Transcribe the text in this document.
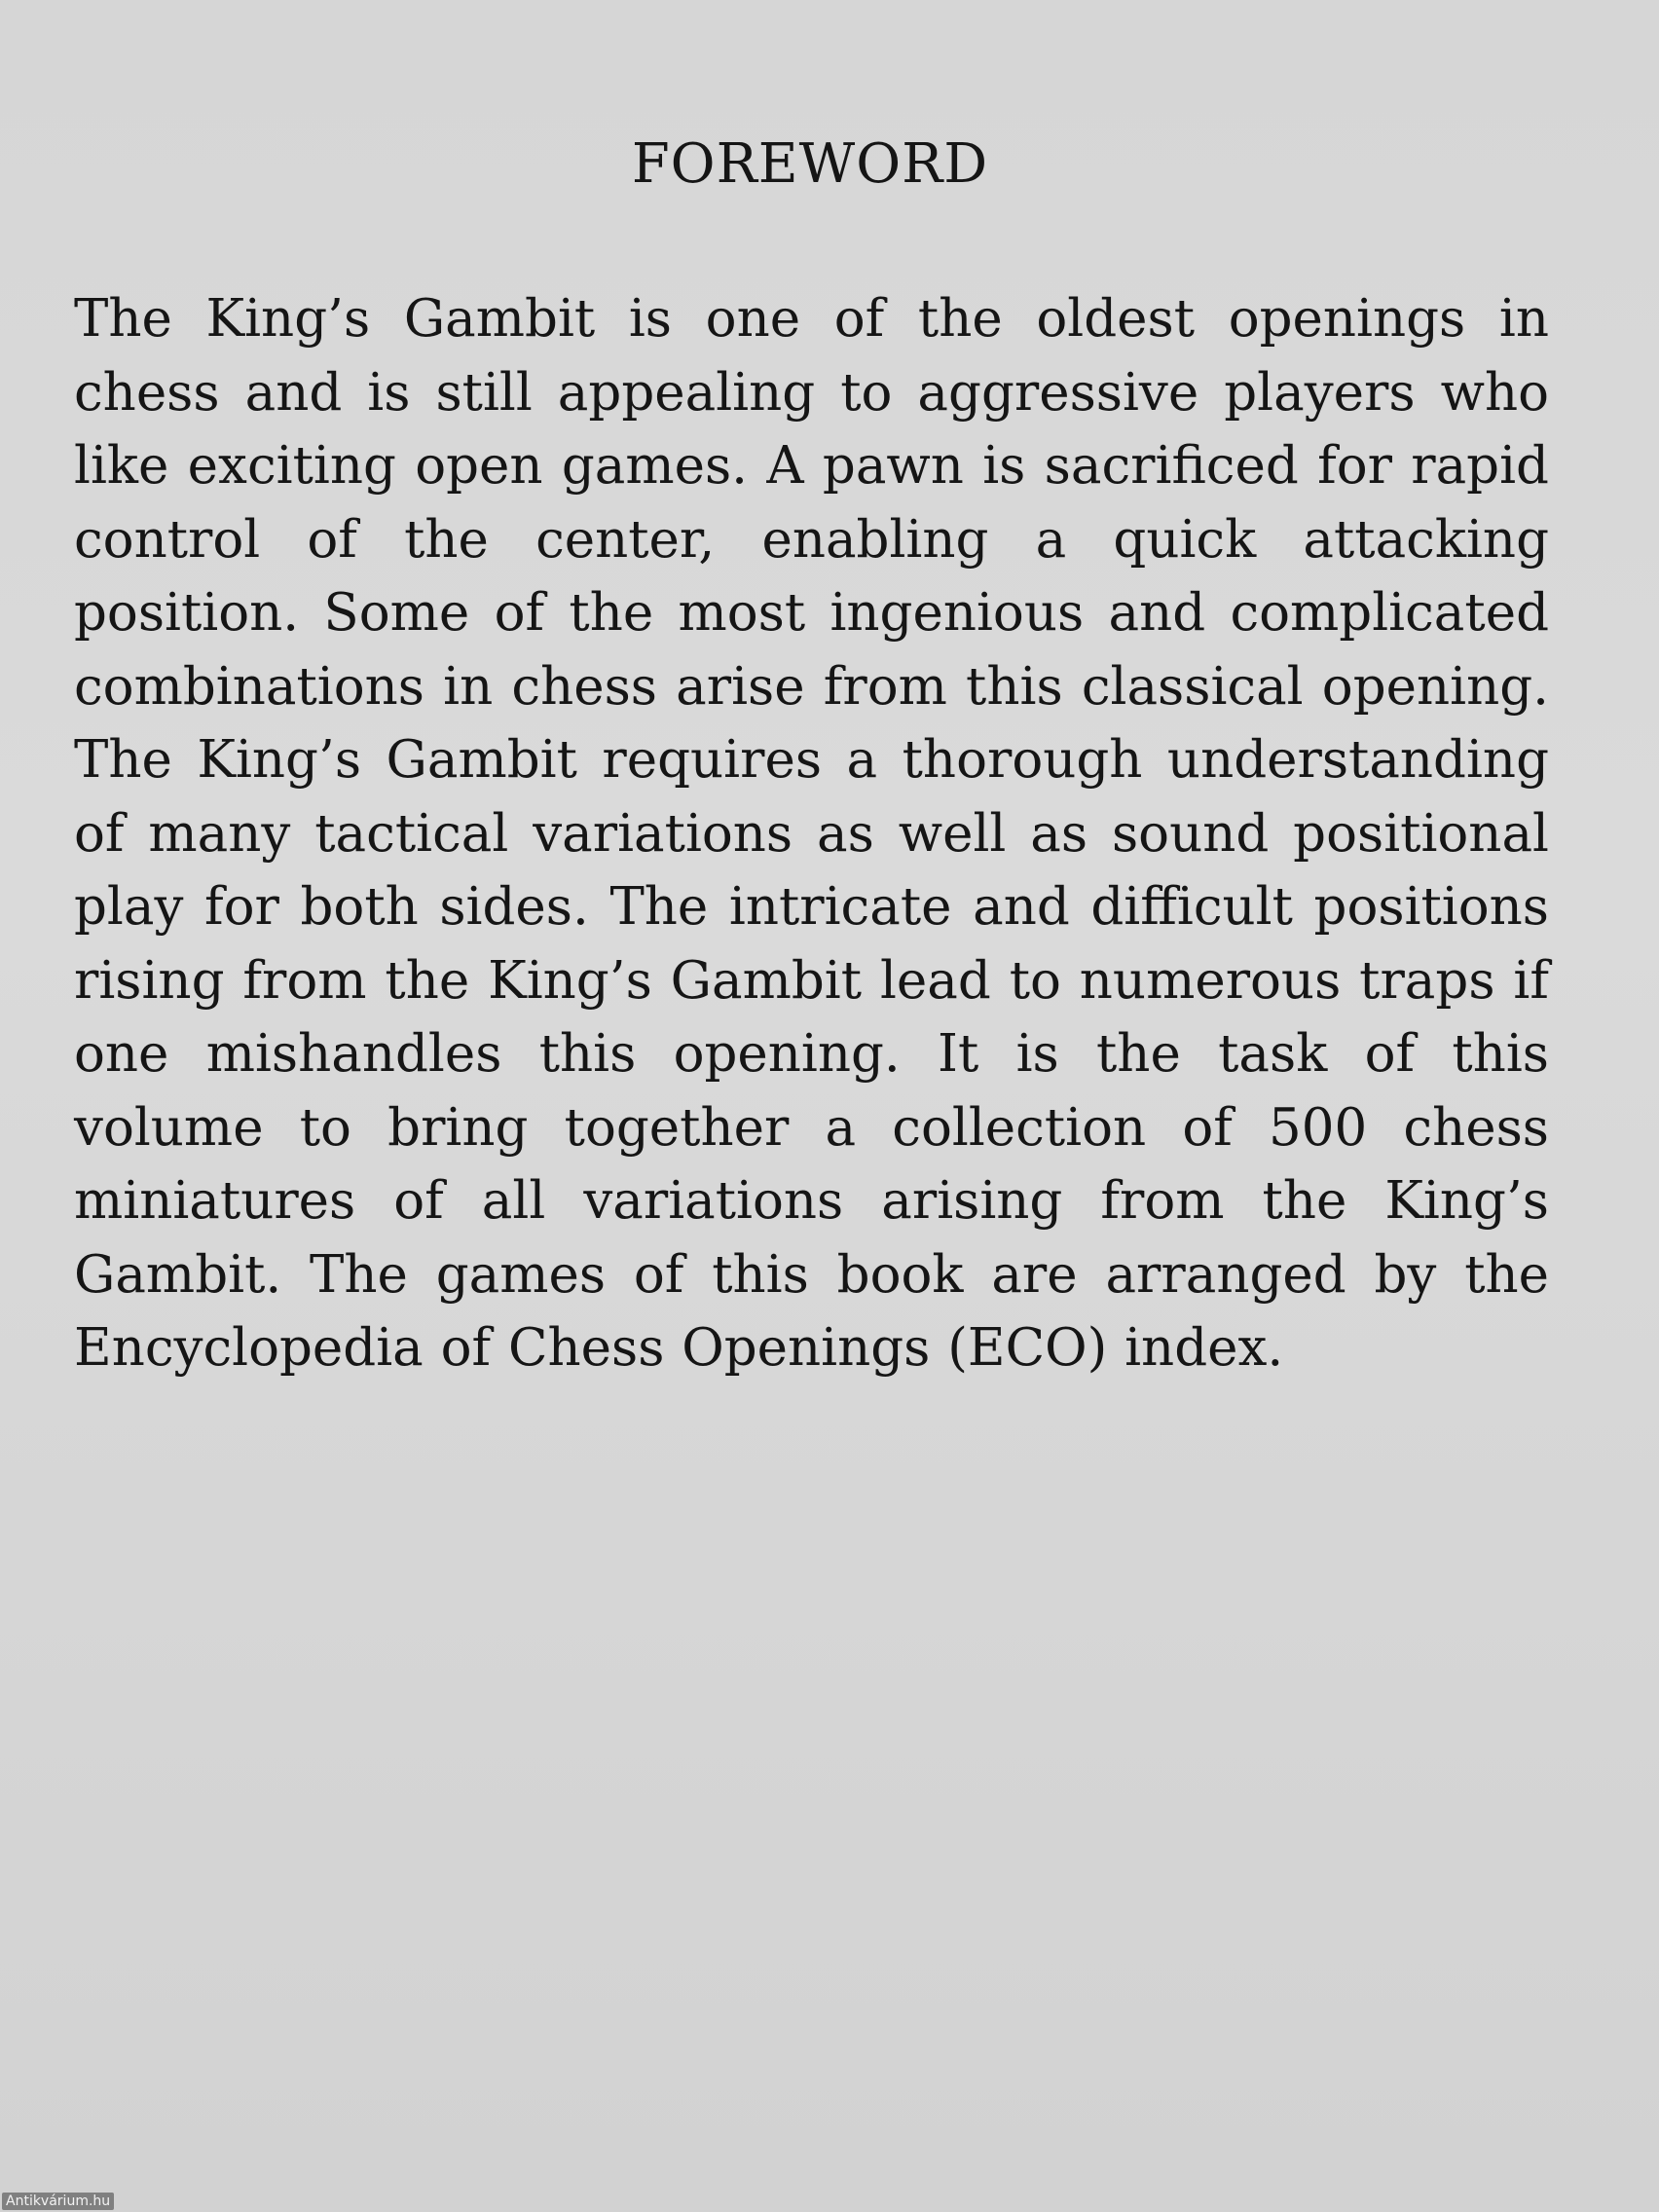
FOREWORD

The King’s Gambit is one of the oldest openings in chess and is still appealing to aggressive players who like exciting open games. A pawn is sacrificed for rapid control of the center, enabling a quick attacking position. Some of the most ingenious and complicated combinations in chess arise from this classical opening. The King’s Gambit requires a thorough understanding of many tactical variations as well as sound positional play for both sides. The intricate and difficult positions rising from the King’s Gambit lead to numerous traps if one mishandles this opening. It is the task of this volume to bring together a collection of 500 chess miniatures of all variations arising from the King’s Gambit. The games of this book are arranged by the Encyclopedia of Chess Openings (ECO) index.

Antikvárium.hu
